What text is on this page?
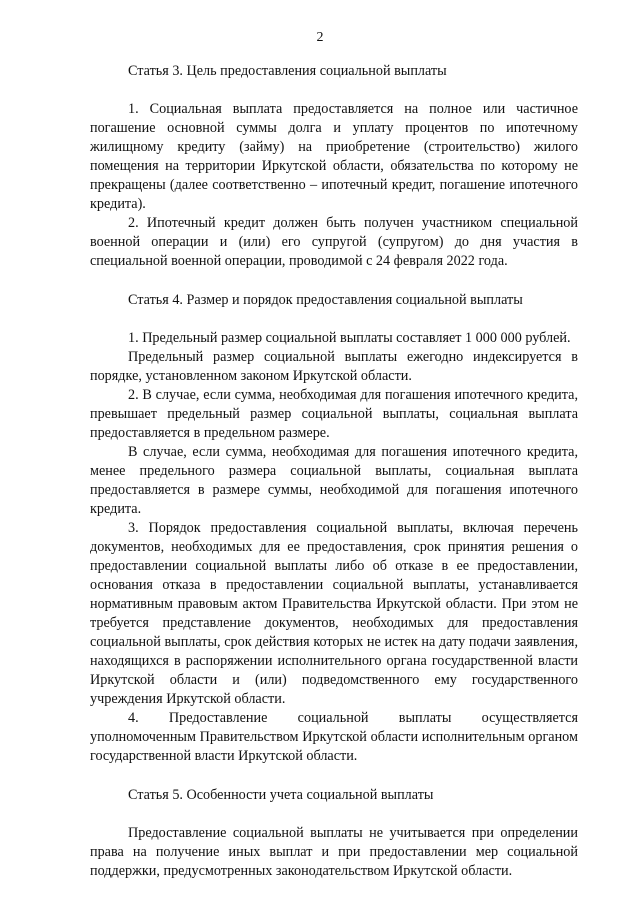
2

Статья 3. Цель предоставления социальной выплаты

1. Социальная выплата предоставляется на полное или частичное погашение основной суммы долга и уплату процентов по ипотечному жилищному кредиту (займу) на приобретение (строительство) жилого помещения на территории Иркутской области, обязательства по которому не прекращены (далее соответственно – ипотечный кредит, погашение ипотечного кредита).

2. Ипотечный кредит должен быть получен участником специальной военной операции и (или) его супругой (супругом) до дня участия в специальной военной операции, проводимой с 24 февраля 2022 года.

Статья 4. Размер и порядок предоставления социальной выплаты

1. Предельный размер социальной выплаты составляет 1 000 000 рублей.

Предельный размер социальной выплаты ежегодно индексируется в порядке, установленном законом Иркутской области.

2. В случае, если сумма, необходимая для погашения ипотечного кредита, превышает предельный размер социальной выплаты, социальная выплата предоставляется в предельном размере.

В случае, если сумма, необходимая для погашения ипотечного кредита, менее предельного размера социальной выплаты, социальная выплата предоставляется в размере суммы, необходимой для погашения ипотечного кредита.

3. Порядок предоставления социальной выплаты, включая перечень документов, необходимых для ее предоставления, срок принятия решения о предоставлении социальной выплаты либо об отказе в ее предоставлении, основания отказа в предоставлении социальной выплаты, устанавливается нормативным правовым актом Правительства Иркутской области. При этом не требуется представление документов, необходимых для предоставления социальной выплаты, срок действия которых не истек на дату подачи заявления, находящихся в распоряжении исполнительного органа государственной власти Иркутской области и (или) подведомственного ему государственного учреждения Иркутской области.

4. Предоставление социальной выплаты осуществляется уполномоченным Правительством Иркутской области исполнительным органом государственной власти Иркутской области.

Статья 5. Особенности учета социальной выплаты

Предоставление социальной выплаты не учитывается при определении права на получение иных выплат и при предоставлении мер социальной поддержки, предусмотренных законодательством Иркутской области.
